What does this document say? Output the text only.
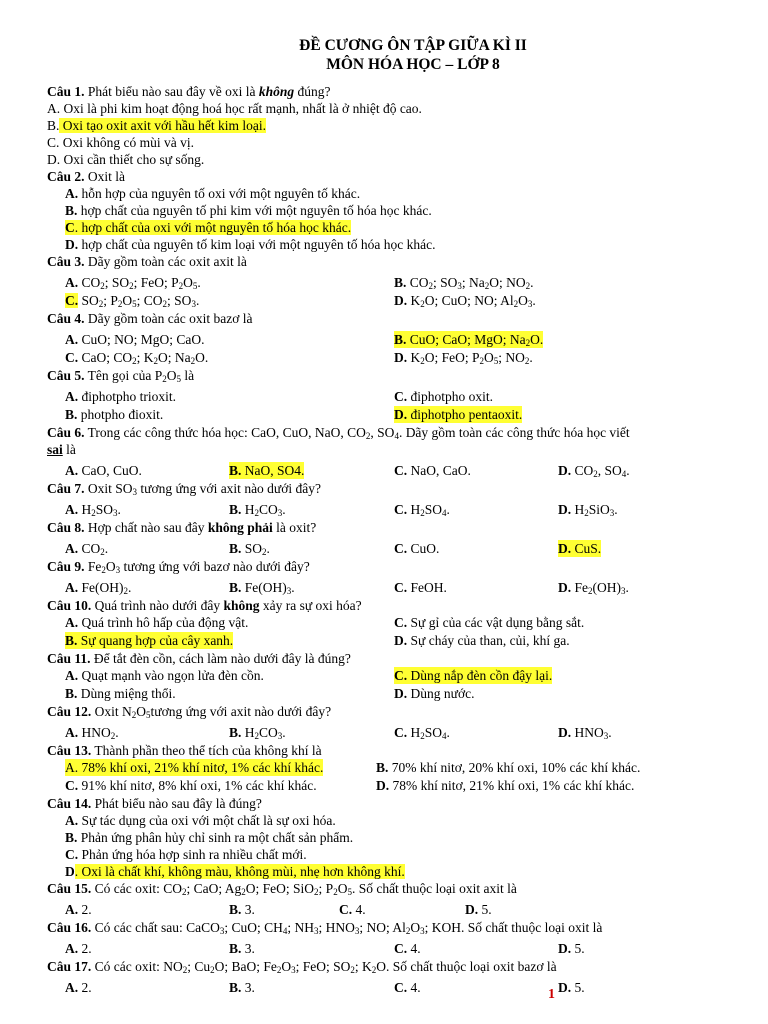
ĐỀ CƯƠNG ÔN TẬP GIỮA KÌ II
MÔN HÓA HỌC – LỚP 8
Câu 1. Phát biểu nào sau đây về oxi là không đúng?
A. Oxi là phi kim hoạt động hoá học rất mạnh, nhất là ở nhiệt độ cao.
B. Oxi tạo oxit axit với hầu hết kim loại.
C. Oxi không có mùi và vị.
D. Oxi cần thiết cho sự sống.
Câu 2. Oxit là
A. hỗn hợp của nguyên tố oxi với một nguyên tố khác.
B. hợp chất của nguyên tố phi kim với một nguyên tố hóa học khác.
C. hợp chất của oxi với một nguyên tố hóa học khác.
D. hợp chất của nguyên tố kim loại với một nguyên tố hóa học khác.
Câu 3. Dãy gồm toàn các oxit axit là
A. $CO_2$; $SO_2$; FeO; $P_2O_5$.	B. $CO_2$; $SO_3$; $Na_2O$; $NO_2$.
C. $SO_2$; $P_2O_5$; $CO_2$; $SO_3$.	D. $K_2O$; CuO; NO; $Al_2O_3$.
Câu 4. Dãy gồm toàn các oxit bazơ là
A. CuO; NO; MgO; CaO.	B. CuO; CaO; MgO; $Na_2O$.
C. CaO; $CO_2$; $K_2O$; $Na_2O$.	D. $K_2O$; FeO; $P_2O_5$; $NO_2$.
Câu 5. Tên gọi của $P_2O_5$ là
A. điphotpho trioxit.	C. điphotpho oxit.
B. photpho đioxit.	D. điphotpho pentaoxit.
Câu 6. Trong các công thức hóa học: CaO, CuO, NaO, $CO_2$, $SO_4$. Dãy gồm toàn các công thức hóa học viết
sai là
A. CaO, CuO.	B. NaO, SO4.	C. NaO, CaO.	D. $CO_2$, $SO_4$.
Câu 7. Oxit $SO_3$ tương ứng với axit nào dưới đây?
A. $H_2SO_3$.	B. $H_2CO_3$.	C. $H_2SO_4$.	D. $H_2SiO_3$.
Câu 8. Hợp chất nào sau đây không phải là oxit?
A. $CO_2$.	B. $SO_2$.	C. CuO.	D. CuS.
Câu 9. $Fe_2O_3$ tương ứng với bazơ nào dưới đây?
A. $Fe(OH)_2$.	B. $Fe(OH)_3$.	C. FeOH.	D. $Fe_2(OH)_3$.
Câu 10. Quá trình nào dưới đây không xảy ra sự oxi hóa?
A. Quá trình hô hấp của động vật.	C. Sự gỉ của các vật dụng bằng sắt.
B. Sự quang hợp của cây xanh.	D. Sự cháy của than, củi, khí ga.
Câu 11. Để tắt đèn cồn, cách làm nào dưới đây là đúng?
A. Quạt mạnh vào ngọn lửa đèn cồn.	C. Dùng nắp đèn cồn đậy lại.
B. Dùng miệng thổi.	D. Dùng nước.
Câu 12. Oxit $N_2O_5tương$ ứng với axit nào dưới đây?
A. $HNO_2$.	B. $H_2CO_3$.	C. $H_2SO_4$.	D. $HNO_3$.
Câu 13. Thành phần theo thể tích của không khí là
A. 78% khí oxi, 21% khí nitơ, 1% các khí khác.	B. 70% khí nitơ, 20% khí oxi, 10% các khí khác.
C. 91% khí nitơ, 8% khí oxi, 1% các khí khác.	D. 78% khí nitơ, 21% khí oxi, 1% các khí khác.
Câu 14. Phát biểu nào sau đây là đúng?
A. Sự tác dụng của oxi với một chất là sự oxi hóa.
B. Phản ứng phân hủy chỉ sinh ra một chất sản phẩm.
C. Phản ứng hóa hợp sinh ra nhiều chất mới.
D. Oxi là chất khí, không màu, không mùi, nhẹ hơn không khí.
Câu 15. Có các oxit: $CO_2$; CaO; $Ag_2O$; FeO; SiO$_2$; $P_2O_5$. Số chất thuộc loại oxit axit là
A. 2.	B. 3.	C. 4.	D. 5.
Câu 16. Có các chất sau: CaCO$_3$; CuO; $CH_4$; $NH_3$; $HNO_3$; NO; $Al_2O_3$; KOH. Số chất thuộc loại oxit là
A. 2.	B. 3.	C. 4.	D. 5.
Câu 17. Có các oxit: $NO_2$; $Cu_2O$; BaO; $Fe_2O_3$; FeO; $SO_2$; $K_2O$. Số chất thuộc loại oxit bazơ là
A. 2.	B. 3.	C. 4.	D. 5.
1
